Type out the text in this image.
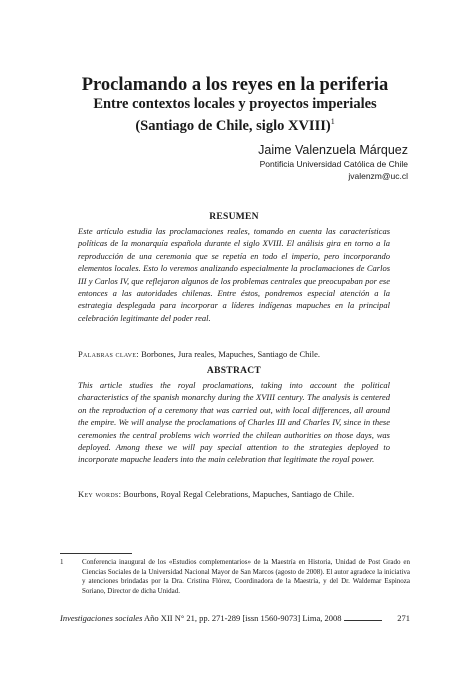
Proclamando a los reyes en la periferia
Entre contextos locales y proyectos imperiales
(Santiago de Chile, siglo XVIII)$^1$
Jaime Valenzuela Márquez
Pontificia Universidad Católica de Chile
jvalenzm@uc.cl
RESUMEN

Este artículo estudia las proclamaciones reales, tomando en cuenta las características políticas de la monarquía española durante el siglo XVIII. El análisis gira en torno a la reproducción de una ceremonia que se repetía en todo el imperio, pero incorporando elementos locales. Esto lo veremos analizando especialmente la proclamaciones de Carlos III y Carlos IV, que reflejaron algunos de los problemas centrales que preocupaban por ese entonces a las autoridades chilenas. Entre éstos, pondremos especial atención a la estrategia desplegada para incorporar a líderes indígenas mapuches en la principal celebración legitimante del poder real.

Palabras clave: Borbones, Jura reales, Mapuches, Santiago de Chile.

ABSTRACT

This article studies the royal proclamations, taking into account the political characteristics of the spanish monarchy during the XVIII century. The analysis is centered on the reproduction of a ceremony that was carried out, with local differences, all around the empire. We will analyse the proclamations of Charles III and Charles IV, since in these ceremonies the central problems wich worried the chilean authorities on those days, was deployed. Among these we will pay special attention to the strategies deployed to incorporate mapuche leaders into the main celebration that legitimate the royal power.

Key words: Bourbons, Royal Regal Celebrations, Mapuches, Santiago de Chile.

1	Conferencia inaugural de los «Estudios complementarios» de la Maestría en Historia, Unidad de Post Grado en Ciencias Sociales de la Universidad Nacional Mayor de San Marcos (agosto de 2008). El autor agradece la iniciativa y atenciones brindadas por la Dra. Cristina Flórez, Coordinadora de la Maestría, y del Dr. Waldemar Espinoza Soriano, Director de dicha Unidad.

Investigaciones sociales Año XII N° 21, pp. 271-289 [issn 1560-9073] Lima, 2008	271
